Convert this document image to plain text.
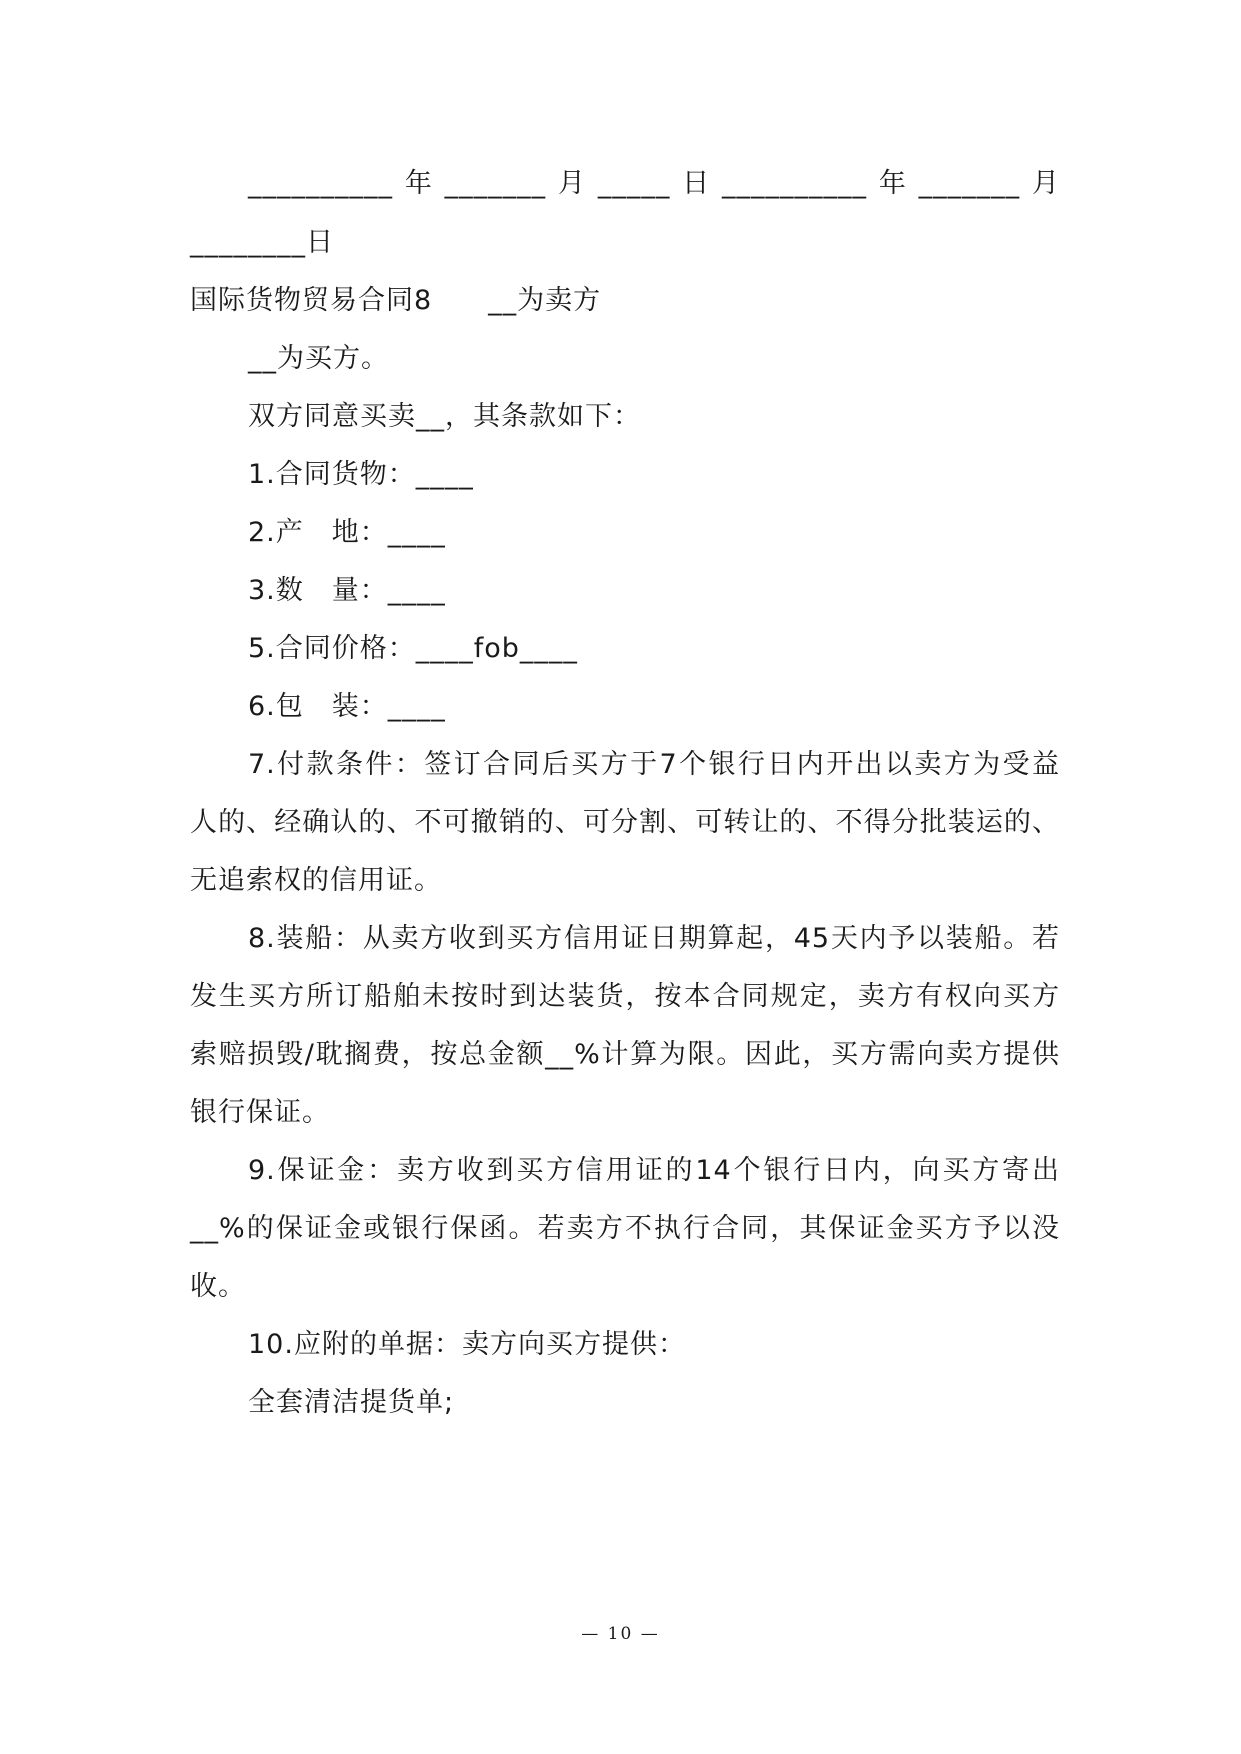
__________年_______月_____日__________年_______月
________日
国际货物贸易合同8　　__为卖方
__为买方。
双方同意买卖__，其条款如下：
1.合同货物：____
2.产　地：____
3.数　量：____
5.合同价格：____fob____
6.包　装：____
7.付款条件：签订合同后买方于7个银行日内开出以卖方为受益
人的、经确认的、不可撤销的、可分割、可转让的、不得分批装运的、
无追索权的信用证。
8.装船：从卖方收到买方信用证日期算起，45天内予以装船。若
发生买方所订船舶未按时到达装货，按本合同规定，卖方有权向买方
索赔损毁/耽搁费，按总金额__%计算为限。因此，买方需向卖方提供
银行保证。
9.保证金：卖方收到买方信用证的14个银行日内，向买方寄出
__%的保证金或银行保函。若卖方不执行合同，其保证金买方予以没
收。
10.应附的单据：卖方向买方提供：
全套清洁提货单;
— 10 —
